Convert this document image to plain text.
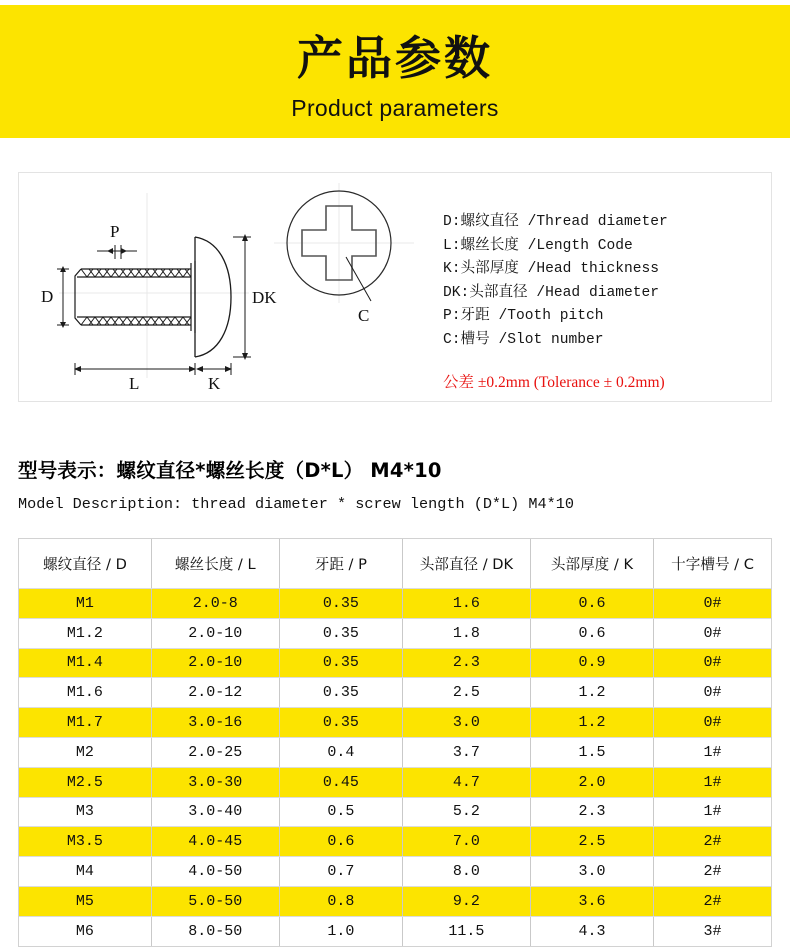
产品参数
Product parameters
D
P
DK
L	K
C
D:螺纹直径 /Thread diameter
L:螺丝长度 /Length Code
K:头部厚度 /Head thickness
DK:头部直径 /Head diameter
P:牙距 /Tooth pitch
C:槽号 /Slot number
公差 ±0.2mm (Tolerance ± 0.2mm)
型号表示：螺纹直径*螺丝长度（D*L） M4*10
Model Description: thread diameter * screw length (D*L) M4*10
螺纹直径 / D	螺丝长度 / L	牙距 / P	头部直径 / DK	头部厚度 / K	十字槽号 / C
M1	2.0-8	0.35	1.6	0.6	0#
M1.2	2.0-10	0.35	1.8	0.6	0#
M1.4	2.0-10	0.35	2.3	0.9	0#
M1.6	2.0-12	0.35	2.5	1.2	0#
M1.7	3.0-16	0.35	3.0	1.2	0#
M2	2.0-25	0.4	3.7	1.5	1#
M2.5	3.0-30	0.45	4.7	2.0	1#
M3	3.0-40	0.5	5.2	2.3	1#
M3.5	4.0-45	0.6	7.0	2.5	2#
M4	4.0-50	0.7	8.0	3.0	2#
M5	5.0-50	0.8	9.2	3.6	2#
M6	8.0-50	1.0	11.5	4.3	3#
